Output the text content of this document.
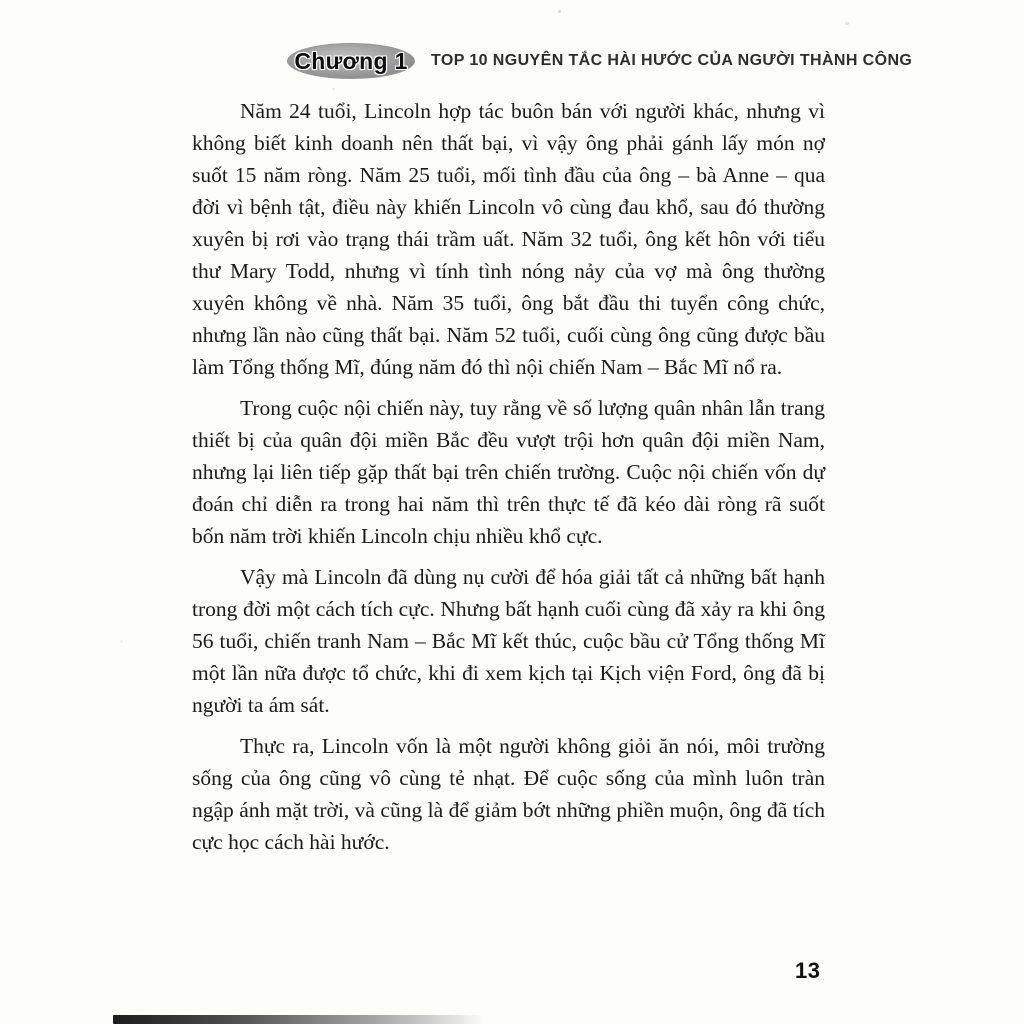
Chương 1	TOP 10 NGUYÊN TẮC HÀI HƯỚC CỦA NGƯỜI THÀNH CÔNG

Năm 24 tuổi, Lincoln hợp tác buôn bán với người khác, nhưng vì không biết kinh doanh nên thất bại, vì vậy ông phải gánh lấy món nợ suốt 15 năm ròng. Năm 25 tuổi, mối tình đầu của ông – bà Anne – qua đời vì bệnh tật, điều này khiến Lincoln vô cùng đau khổ, sau đó thường xuyên bị rơi vào trạng thái trầm uất. Năm 32 tuổi, ông kết hôn với tiểu thư Mary Todd, nhưng vì tính tình nóng nảy của vợ mà ông thường xuyên không về nhà. Năm 35 tuổi, ông bắt đầu thi tuyển công chức, nhưng lần nào cũng thất bại. Năm 52 tuổi, cuối cùng ông cũng được bầu làm Tổng thống Mĩ, đúng năm đó thì nội chiến Nam – Bắc Mĩ nổ ra.

Trong cuộc nội chiến này, tuy rằng về số lượng quân nhân lẫn trang thiết bị của quân đội miền Bắc đều vượt trội hơn quân đội miền Nam, nhưng lại liên tiếp gặp thất bại trên chiến trường. Cuộc nội chiến vốn dự đoán chỉ diễn ra trong hai năm thì trên thực tế đã kéo dài ròng rã suốt bốn năm trời khiến Lincoln chịu nhiều khổ cực.

Vậy mà Lincoln đã dùng nụ cười để hóa giải tất cả những bất hạnh trong đời một cách tích cực. Nhưng bất hạnh cuối cùng đã xảy ra khi ông 56 tuổi, chiến tranh Nam – Bắc Mĩ kết thúc, cuộc bầu cử Tổng thống Mĩ một lần nữa được tổ chức, khi đi xem kịch tại Kịch viện Ford, ông đã bị người ta ám sát.

Thực ra, Lincoln vốn là một người không giỏi ăn nói, môi trường sống của ông cũng vô cùng tẻ nhạt. Để cuộc sống của mình luôn tràn ngập ánh mặt trời, và cũng là để giảm bớt những phiền muộn, ông đã tích cực học cách hài hước.

13
